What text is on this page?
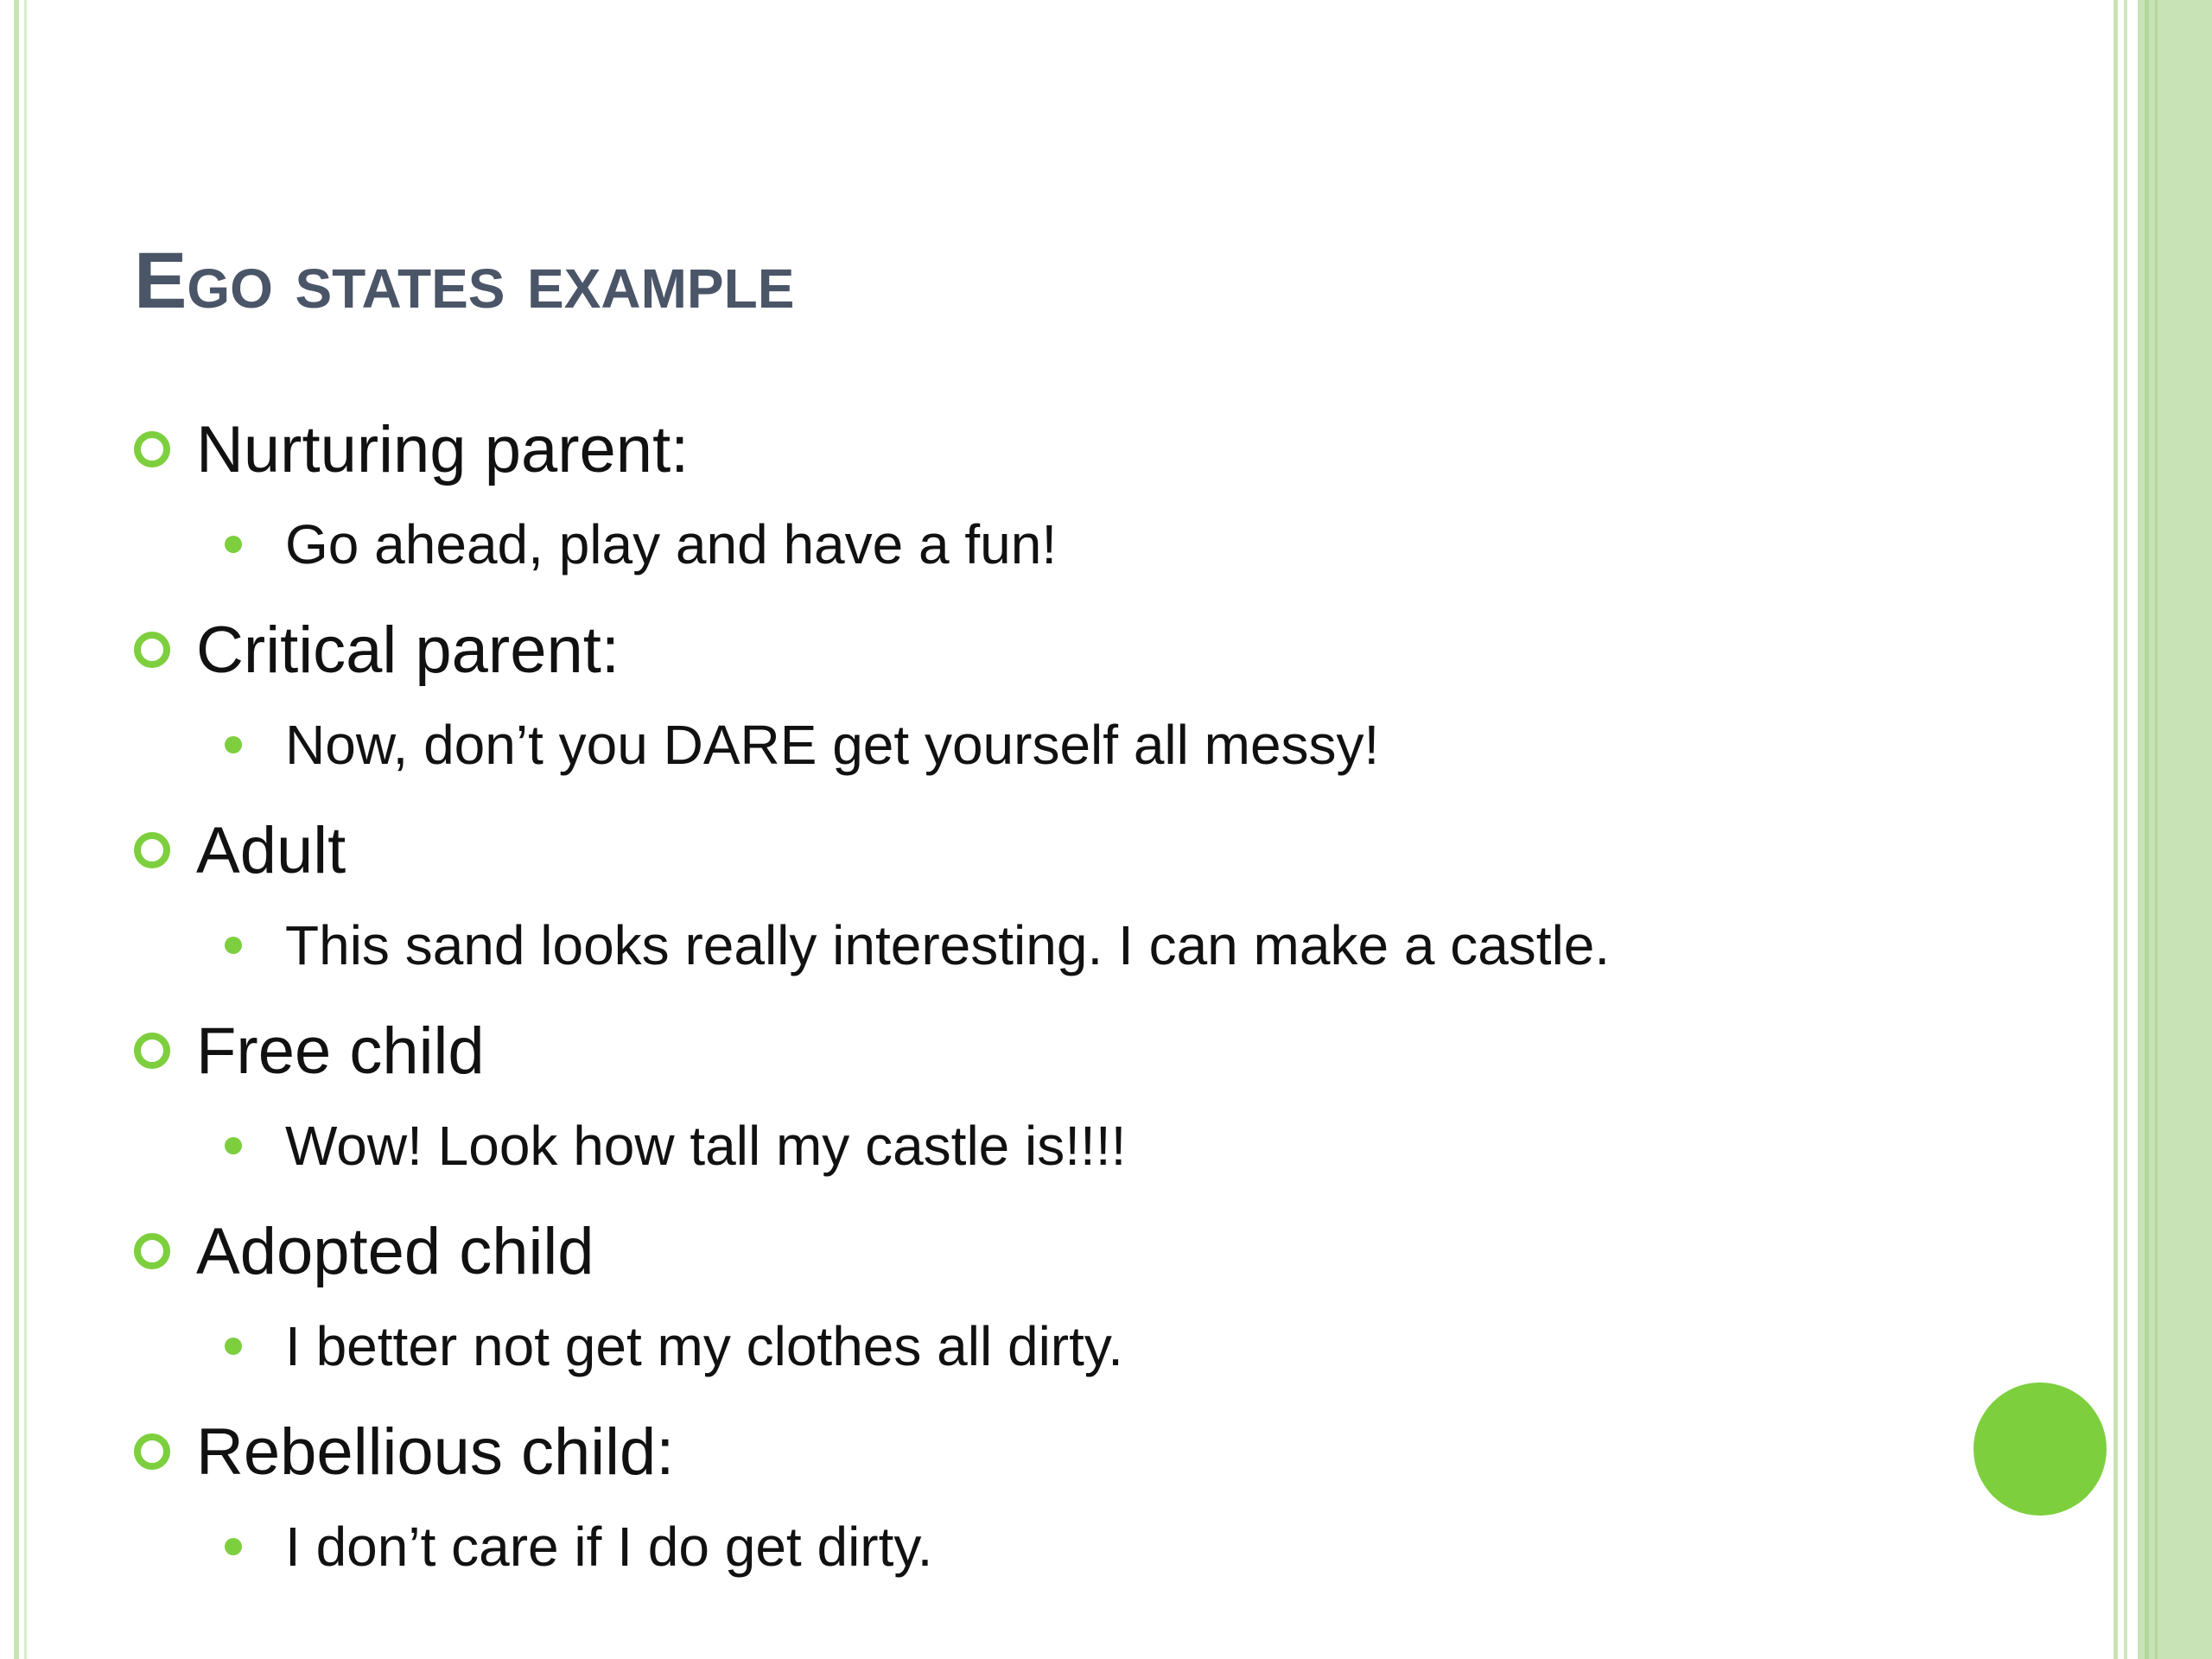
Ego states example
Nurturing parent:
Go ahead, play and have a fun!
Critical parent:
Now, don’t you DARE get yourself all messy!
Adult
This sand looks really interesting. I can make a castle.
Free child
Wow! Look how tall my castle is!!!!
Adopted child
I better not get my clothes all dirty.
Rebellious child:
I don’t care if I do get dirty.
